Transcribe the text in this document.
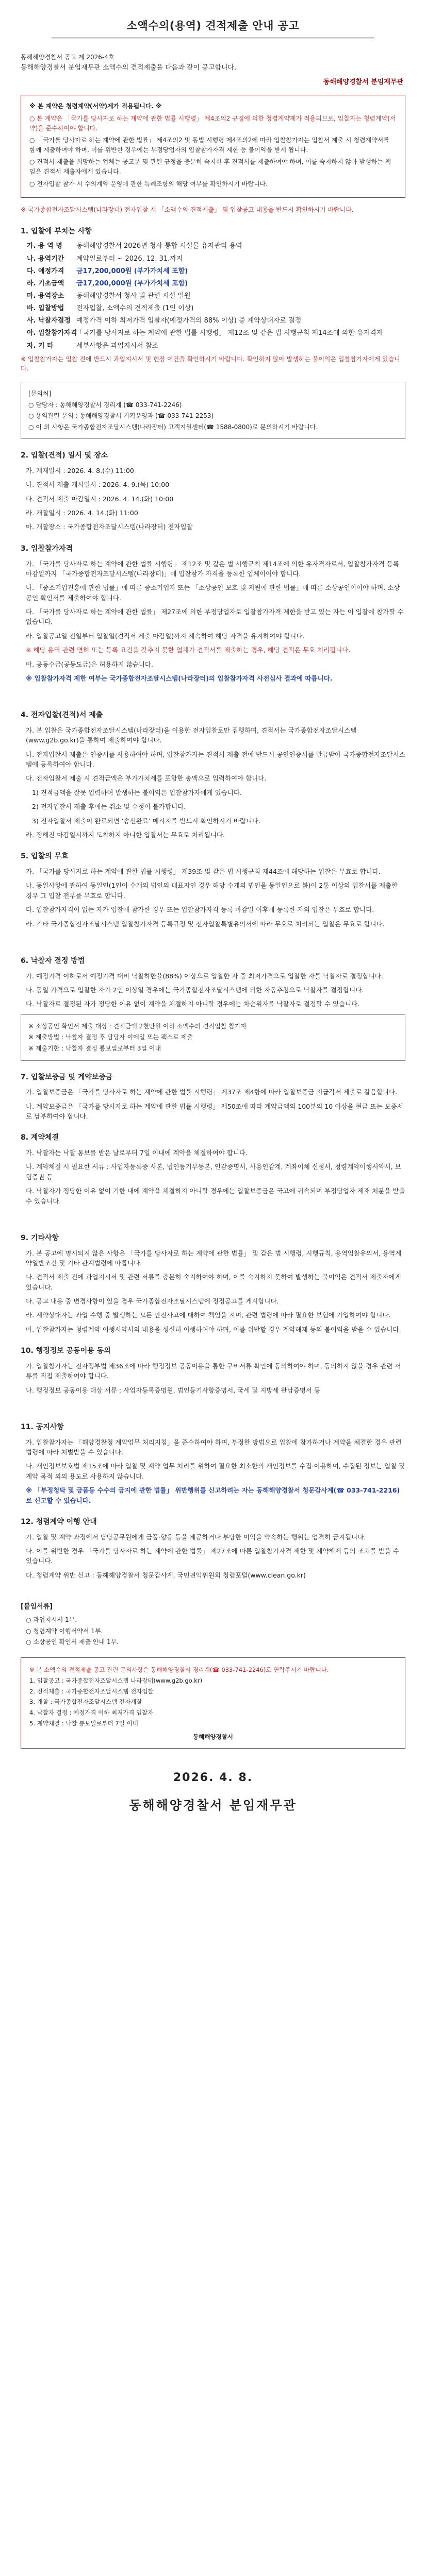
소액수의(용역) 견적제출 안내 공고
동해해양경찰서 공고 제 2026-4호
동해해양경찰서 분임재무관 소액수의 견적제출을 다음과 같이 공고합니다.
동해해양경찰서 분임재무관
※ 본 계약은 청렴계약(서약)제가 적용됩니다. ※
○ 본 계약은 「국가를 당사자로 하는 계약에 관한 법률 시행령」 제4조의2 규정에 의한 청렴계약제가 적용되므로, 입찰자는 청렴계약(서약)을 준수하여야 합니다.
○ 「국가를 당사자로 하는 계약에 관한 법률」 제4조의2 및 동법 시행령 제4조의2에 따라 입찰참가자는 입찰서 제출 시 청렴계약서를 함께 제출하여야 하며, 이를 위반한 경우에는 부정당업자의 입찰참가자격 제한 등 불이익을 받게 됩니다.
○ 견적서 제출을 희망하는 업체는 공고문 및 관련 규정을 충분히 숙지한 후 견적서를 제출하여야 하며, 이를 숙지하지 않아 발생하는 책임은 견적서 제출자에게 있습니다.
○ 전자입찰 참가 시 수의계약 운영에 관한 특례조항의 해당 여부를 확인하시기 바랍니다.
※ 국가종합전자조달시스템(나라장터) 전자입찰 시 「소액수의 견적제출」 및 입찰공고 내용을 반드시 확인하시기 바랍니다.
1. 입찰에 부치는 사항
가. 용 역 명	동해해양경찰서 2026년 청사 통합 시설물 유지관리 용역
나. 용역기간	계약일로부터 ~ 2026. 12. 31.까지
다. 예정가격	금17,200,000원 (부가가치세 포함)
라. 기초금액	금17,200,000원 (부가가치세 포함)
마. 용역장소	동해해양경찰서 청사 및 관련 시설 일원
바. 입찰방법	전자입찰, 소액수의 견적제출 (1인 이상)
사. 낙찰자결정 예정가격 이하 최저가격 입찰자(예정가격의 88% 이상) 중 계약상대자로 결정
아. 입찰참가자격
「국가를 당사자로 하는 계약에 관한 법률 시행령」 제12조 및 같은 법 시행규칙 제14조에 의한 유자격자
자. 기 타	세부사항은 과업지시서 참조
※ 입찰참가자는 입찰 전에 반드시 과업지시서 및 현장 여건을 확인하시기 바랍니다. 확인하지 않아 발생하는 불이익은 입찰참가자에게 있습니다.
[문의처]
○ 담당자 : 동해해양경찰서 경리계 (☎ 033-741-2246)
○ 용역관련 문의 : 동해해양경찰서 기획운영과 (☎ 033-741-2253)
○ 이 외 사항은 국가종합전자조달시스템(나라장터) 고객지원센터(☎ 1588-0800)로 문의하시기 바랍니다.
2. 입찰(견적) 일시 및 장소
가. 게재일시 : 2026. 4. 8.(수) 11:00
나. 견적서 제출 개시일시 : 2026. 4. 9.(목) 10:00
다. 견적서 제출 마감일시 : 2026. 4. 14.(화) 10:00
라. 개찰일시 : 2026. 4. 14.(화) 11:00
마. 개찰장소 : 국가종합전자조달시스템(나라장터) 전자입찰
3. 입찰참가자격
가. 「국가를 당사자로 하는 계약에 관한 법률 시행령」 제12조 및 같은 법 시행규칙 제14조에 의한 유자격자로서, 입찰참가자격 등록 마감일까지 「국가종합전자조달시스템(나라장터)」에 입찰참가 자격을 등록한 업체이어야 합니다.
나. 「중소기업진흥에 관한 법률」에 따른 중소기업자 또는 「소상공인 보호 및 지원에 관한 법률」에 따른 소상공인이어야 하며, 소상공인 확인서를 제출하여야 합니다.
다. 「국가를 당사자로 하는 계약에 관한 법률」 제27조에 의한 부정당업자로 입찰참가자격 제한을 받고 있는 자는 이 입찰에 참가할 수 없습니다.
라. 입찰공고일 전일부터 입찰일(견적서 제출 마감일)까지 계속하여 해당 자격을 유지하여야 합니다.
※ 해당 용역 관련 면허 또는 등록 요건을 갖추지 못한 업체가 견적서를 제출하는 경우, 해당 견적은 무효 처리됩니다.
마. 공동수급(공동도급)은 허용하지 않습니다.
※ 입찰참가자격 제한 여부는 국가종합전자조달시스템(나라장터)의 입찰참가자격 사전심사 결과에 따릅니다.
4. 전자입찰(견적)서 제출
가. 본 입찰은 국가종합전자조달시스템(나라장터)을 이용한 전자입찰로만 집행하며, 견적서는 국가종합전자조달시스템(www.g2b.go.kr)을 통하여 제출하여야 합니다.
나. 전자입찰서 제출은 인증서를 사용하여야 하며, 입찰참가자는 견적서 제출 전에 반드시 공인인증서를 발급받아 국가종합전자조달시스템에 등록하여야 합니다.
다. 전자입찰서 제출 시 견적금액은 부가가치세를 포함한 총액으로 입력하여야 합니다.
1) 견적금액을 잘못 입력하여 발생하는 불이익은 입찰참가자에게 있습니다.
2) 전자입찰서 제출 후에는 취소 및 수정이 불가합니다.
3) 전자입찰서 제출이 완료되면 ‘송신완료’ 메시지를 반드시 확인하시기 바랍니다.
라. 정해진 마감일시까지 도착하지 아니한 입찰서는 무효로 처리됩니다.
5. 입찰의 무효
가. 「국가를 당사자로 하는 계약에 관한 법률 시행령」 제39조 및 같은 법 시행규칙 제44조에 해당하는 입찰은 무효로 합니다.
나. 동일사항에 관하여 동일인(1인이 수개의 법인의 대표자인 경우 해당 수개의 법인을 동일인으로 봄)이 2통 이상의 입찰서를 제출한 경우 그 입찰 전부를 무효로 합니다.
다. 입찰참가자격이 없는 자가 입찰에 참가한 경우 또는 입찰참가자격 등록 마감일 이후에 등록한 자의 입찰은 무효로 합니다.
라. 기타 국가종합전자조달시스템 입찰참가자격 등록규정 및 전자입찰특별유의서에 따라 무효로 처리되는 입찰은 무효로 합니다.
6. 낙찰자 결정 방법
가. 예정가격 이하로서 예정가격 대비 낙찰하한율(88%) 이상으로 입찰한 자 중 최저가격으로 입찰한 자를 낙찰자로 결정합니다.
나. 동일 가격으로 입찰한 자가 2인 이상일 경우에는 국가종합전자조달시스템에 의한 자동추첨으로 낙찰자를 결정합니다.
다. 낙찰자로 결정된 자가 정당한 이유 없이 계약을 체결하지 아니할 경우에는 차순위자를 낙찰자로 결정할 수 있습니다.
※ 소상공인 확인서 제출 대상 : 견적금액 2천만원 이하 소액수의 견적입찰 참가자
※ 제출방법 : 낙찰자 결정 후 담당자 이메일 또는 팩스로 제출
※ 제출기한 : 낙찰자 결정 통보일로부터 3일 이내
7. 입찰보증금 및 계약보증금
가. 입찰보증금은 「국가를 당사자로 하는 계약에 관한 법률 시행령」 제37조 제4항에 따라 입찰보증금 지급각서 제출로 갈음합니다.
나. 계약보증금은 「국가를 당사자로 하는 계약에 관한 법률 시행령」 제50조에 따라 계약금액의 100분의 10 이상을 현금 또는 보증서로 납부하여야 합니다.
8. 계약체결
가. 낙찰자는 낙찰 통보를 받은 날로부터 7일 이내에 계약을 체결하여야 합니다.
나. 계약체결 시 필요한 서류 : 사업자등록증 사본, 법인등기부등본, 인감증명서, 사용인감계, 계좌이체 신청서, 청렴계약이행서약서, 보험증권 등
다. 낙찰자가 정당한 이유 없이 기한 내에 계약을 체결하지 아니할 경우에는 입찰보증금은 국고에 귀속되며 부정당업자 제재 처분을 받을 수 있습니다.
9. 기타사항
가. 본 공고에 명시되지 않은 사항은 「국가를 당사자로 하는 계약에 관한 법률」 및 같은 법 시행령, 시행규칙, 용역입찰유의서, 용역계약일반조건 및 기타 관계법령에 따릅니다.
나. 견적서 제출 전에 과업지시서 및 관련 서류를 충분히 숙지하여야 하며, 이를 숙지하지 못하여 발생하는 불이익은 견적서 제출자에게 있습니다.
다. 공고 내용 중 변경사항이 있을 경우 국가종합전자조달시스템에 정정공고를 게시합니다.
라. 계약상대자는 과업 수행 중 발생하는 모든 안전사고에 대하여 책임을 지며, 관련 법령에 따라 필요한 보험에 가입하여야 합니다.
마. 입찰참가자는 청렴계약 이행서약서의 내용을 성실히 이행하여야 하며, 이를 위반할 경우 계약해제 등의 불이익을 받을 수 있습니다.
10. 행정정보 공동이용 동의
가. 입찰참가자는 전자정부법 제36조에 따라 행정정보 공동이용을 통한 구비서류 확인에 동의하여야 하며, 동의하지 않을 경우 관련 서류를 직접 제출하여야 합니다.
나. 행정정보 공동이용 대상 서류 : 사업자등록증명원, 법인등기사항증명서, 국세 및 지방세 완납증명서 등
11. 공지사항
가. 입찰참가자는 「해양경찰청 계약업무 처리지침」을 준수하여야 하며, 부정한 방법으로 입찰에 참가하거나 계약을 체결한 경우 관련 법령에 따라 처벌받을 수 있습니다.
나. 개인정보보호법 제15조에 따라 입찰 및 계약 업무 처리를 위하여 필요한 최소한의 개인정보를 수집·이용하며, 수집된 정보는 입찰 및 계약 목적 외의 용도로 사용하지 않습니다.
※ 「부정청탁 및 금품등 수수의 금지에 관한 법률」 위반행위를 신고하려는 자는 동해해양경찰서 청문감사계(☎ 033-741-2216)로 신고할 수 있습니다.
12. 청렴계약 이행 안내
가. 입찰 및 계약 과정에서 담당공무원에게 금품·향응 등을 제공하거나 부당한 이익을 약속하는 행위는 엄격히 금지됩니다.
나. 이를 위반한 경우 「국가를 당사자로 하는 계약에 관한 법률」 제27조에 따른 입찰참가자격 제한 및 계약해제 등의 조치를 받을 수 있습니다.
다. 청렴계약 위반 신고 : 동해해양경찰서 청문감사계, 국민권익위원회 청렴포털(www.clean.go.kr)
[붙임서류]
○ 과업지시서 1부.
○ 청렴계약 이행서약서 1부.
○ 소상공인 확인서 제출 안내 1부.
※ 본 소액수의 견적제출 공고 관련 문의사항은 동해해양경찰서 경리계(☎ 033-741-2246)로 연락주시기 바랍니다.
1. 입찰공고 : 국가종합전자조달시스템 나라장터(www.g2b.go.kr)
2. 견적제출 : 국가종합전자조달시스템 전자입찰
3. 개찰 : 국가종합전자조달시스템 전자개찰
4. 낙찰자 결정 : 예정가격 이하 최저가격 입찰자
5. 계약체결 : 낙찰 통보일로부터 7일 이내
동해해양경찰서
2026. 4. 8.
동해해양경찰서 분임재무관
